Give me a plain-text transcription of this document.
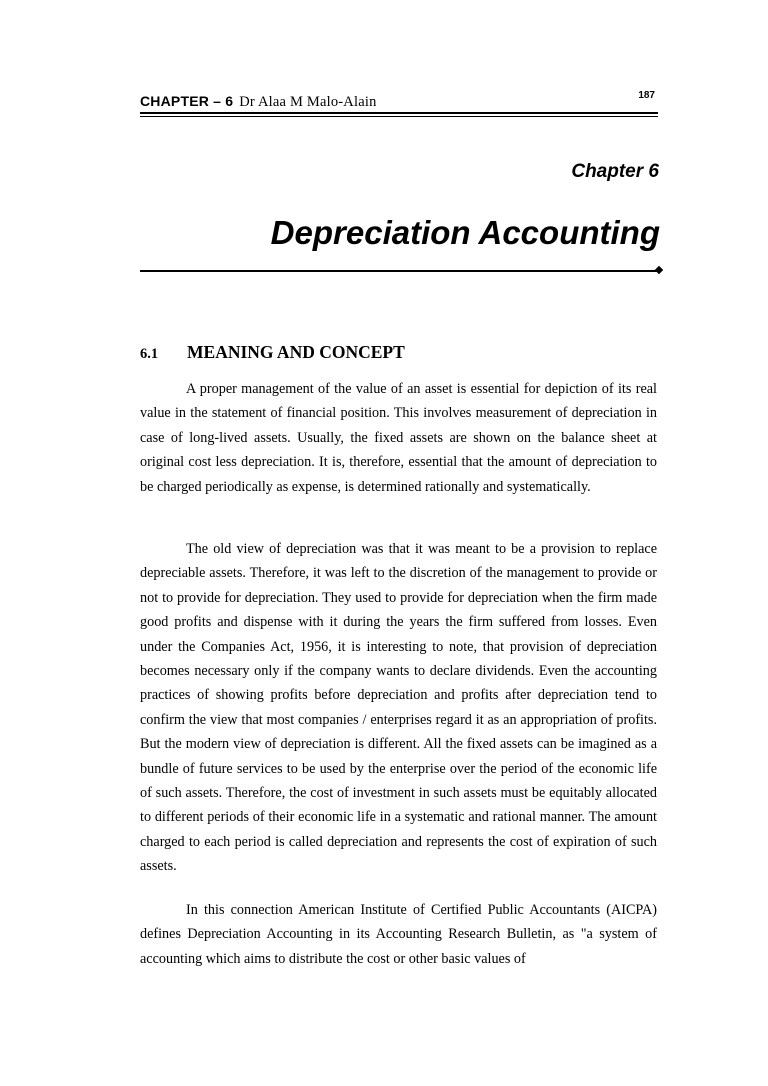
CHAPTER – 6 Dr Alaa M Malo-Alain	187
Chapter 6
Depreciation Accounting
6.1 MEANING AND CONCEPT

A proper management of the value of an asset is essential for depiction of its real value in the statement of financial position. This involves measurement of depreciation in case of long-lived assets. Usually, the fixed assets are shown on the balance sheet at original cost less depreciation. It is, therefore, essential that the amount of depreciation to be charged periodically as expense, is determined rationally and systematically.

The old view of depreciation was that it was meant to be a provision to replace depreciable assets. Therefore, it was left to the discretion of the management to provide or not to provide for depreciation. They used to provide for depreciation when the firm made good profits and dispense with it during the years the firm suffered from losses. Even under the Companies Act, 1956, it is interesting to note, that provision of depreciation becomes necessary only if the company wants to declare dividends. Even the accounting practices of showing profits before depreciation and profits after depreciation tend to confirm the view that most companies / enterprises regard it as an appropriation of profits. But the modern view of depreciation is different. All the fixed assets can be imagined as a bundle of future services to be used by the enterprise over the period of the economic life of such assets. Therefore, the cost of investment in such assets must be equitably allocated to different periods of their economic life in a systematic and rational manner. The amount charged to each period is called depreciation and represents the cost of expiration of such assets.

In this connection American Institute of Certified Public Accountants (AICPA) defines Depreciation Accounting in its Accounting Research Bulletin, as "a system of accounting which aims to distribute the cost or other basic values of
